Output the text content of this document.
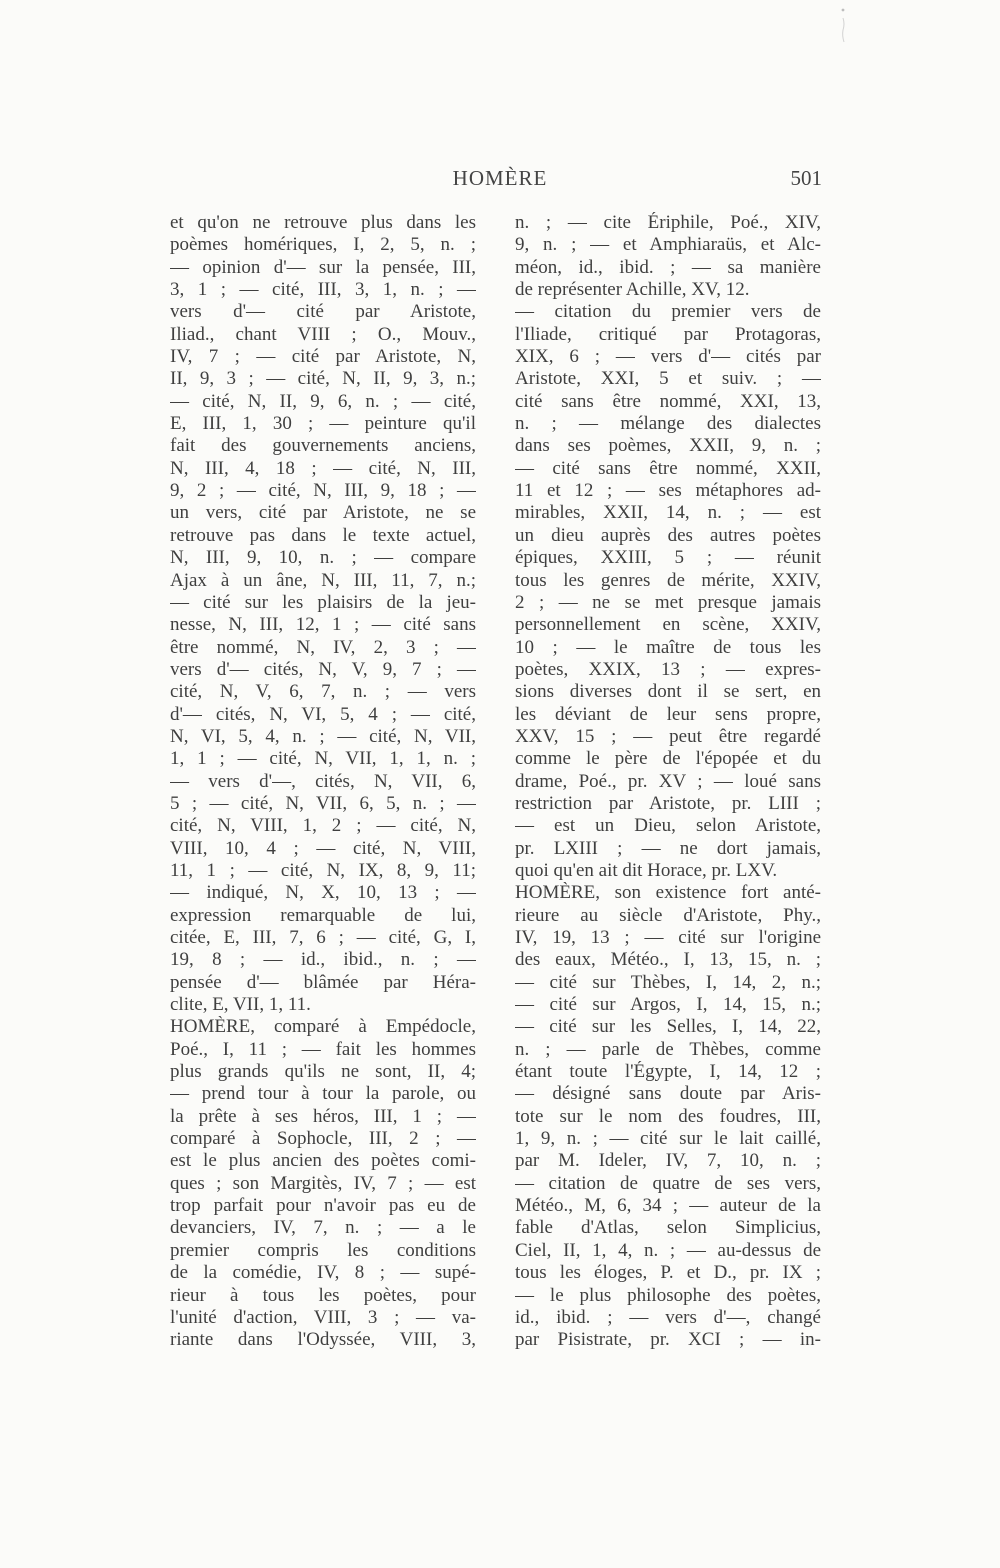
HOMÈRE	501
et qu'on ne retrouve plus dans les
poèmes homériques, I, 2, 5, n. ;
— opinion d'— sur la pensée, III,
3, 1 ; — cité, III, 3, 1, n. ; —
vers d'— cité par Aristote,
Iliad., chant VIII ; O., Mouv.,
IV, 7 ; — cité par Aristote, N,
II, 9, 3 ; — cité, N, II, 9, 3, n.;
— cité, N, II, 9, 6, n. ; — cité,
E, III, 1, 30 ; — peinture qu'il
fait des gouvernements anciens,
N, III, 4, 18 ; — cité, N, III,
9, 2 ; — cité, N, III, 9, 18 ; —
un vers, cité par Aristote, ne se
retrouve pas dans le texte actuel,
N, III, 9, 10, n. ; — compare
Ajax à un âne, N, III, 11, 7, n.;
— cité sur les plaisirs de la jeu-
nesse, N, III, 12, 1 ; — cité sans
être nommé, N, IV, 2, 3 ; —
vers d'— cités, N, V, 9, 7 ; —
cité, N, V, 6, 7, n. ; — vers
d'— cités, N, VI, 5, 4 ; — cité,
N, VI, 5, 4, n. ; — cité, N, VII,
1, 1 ; — cité, N, VII, 1, 1, n. ;
— vers d'—, cités, N, VII, 6,
5 ; — cité, N, VII, 6, 5, n. ; —
cité, N, VIII, 1, 2 ; — cité, N,
VIII, 10, 4 ; — cité, N, VIII,
11, 1 ; — cité, N, IX, 8, 9, 11;
— indiqué, N, X, 10, 13 ; —
expression remarquable de lui,
citée, E, III, 7, 6 ; — cité, G, I,
19, 8 ; — id., ibid., n. ; —
pensée d'— blâmée par Héra-
clite, E, VII, 1, 11.
HOMÈRE, comparé à Empédocle,
Poé., I, 11 ; — fait les hommes
plus grands qu'ils ne sont, II, 4;
— prend tour à tour la parole, ou
la prête à ses héros, III, 1 ; —
comparé à Sophocle, III, 2 ; —
est le plus ancien des poètes comi-
ques ; son Margitès, IV, 7 ; — est
trop parfait pour n'avoir pas eu de
devanciers, IV, 7, n. ; — a le
premier compris les conditions
de la comédie, IV, 8 ; — supé-
rieur à tous les poètes, pour
l'unité d'action, VIII, 3 ; — va-
riante dans l'Odyssée, VIII, 3,
n. ; — cite Ériphile, Poé., XIV,
9, n. ; — et Amphiaraüs, et Alc-
méon, id., ibid. ; — sa manière
de représenter Achille, XV, 12.
— citation du premier vers de
l'Iliade, critiqué par Protagoras,
XIX, 6 ; — vers d'— cités par
Aristote, XXI, 5 et suiv. ; —
cité sans être nommé, XXI, 13,
n. ; — mélange des dialectes
dans ses poèmes, XXII, 9, n. ;
— cité sans être nommé, XXII,
11 et 12 ; — ses métaphores ad-
mirables, XXII, 14, n. ; — est
un dieu auprès des autres poètes
épiques, XXIII, 5 ; — réunit
tous les genres de mérite, XXIV,
2 ; — ne se met presque jamais
personnellement en scène, XXIV,
10 ; — le maître de tous les
poètes, XXIX, 13 ; — expres-
sions diverses dont il se sert, en
les déviant de leur sens propre,
XXV, 15 ; — peut être regardé
comme le père de l'épopée et du
drame, Poé., pr. XV ; — loué sans
restriction par Aristote, pr. LIII ;
— est un Dieu, selon Aristote,
pr. LXIII ; — ne dort jamais,
quoi qu'en ait dit Horace, pr. LXV.
HOMÈRE, son existence fort anté-
rieure au siècle d'Aristote, Phy.,
IV, 19, 13 ; — cité sur l'origine
des eaux, Météo., I, 13, 15, n. ;
— cité sur Thèbes, I, 14, 2, n.;
— cité sur Argos, I, 14, 15, n.;
— cité sur les Selles, I, 14, 22,
n. ; — parle de Thèbes, comme
étant toute l'Égypte, I, 14, 12 ;
— désigné sans doute par Aris-
tote sur le nom des foudres, III,
1, 9, n. ; — cité sur le lait caillé,
par M. Ideler, IV, 7, 10, n. ;
— citation de quatre de ses vers,
Météo., M, 6, 34 ; — auteur de la
fable d'Atlas, selon Simplicius,
Ciel, II, 1, 4, n. ; — au-dessus de
tous les éloges, P. et D., pr. IX ;
— le plus philosophe des poètes,
id., ibid. ; — vers d'—, changé
par Pisistrate, pr. XCI ; — in-
